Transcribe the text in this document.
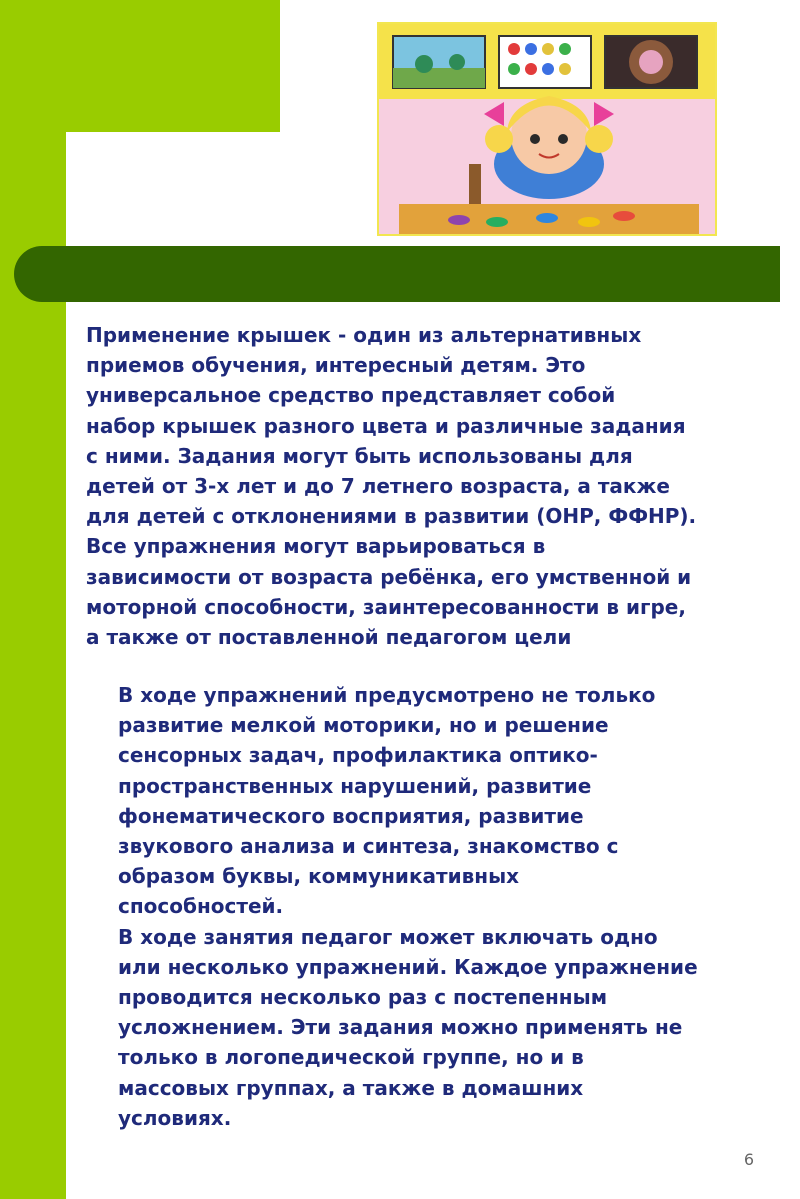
Применение крышек - один из альтернативных
приемов обучения, интересный детям. Это
универсальное средство представляет собой
набор крышек разного цвета и различные задания
с ними. Задания могут быть использованы для
детей от 3-х лет и до 7 летнего возраста, а также
для детей с отклонениями в развитии (ОНР, ФФНР).
Все упражнения могут варьироваться в
зависимости от возраста ребёнка, его умственной и
моторной способности, заинтересованности в игре,
а также от поставленной педагогом цели

В ходе упражнений предусмотрено не только
развитие мелкой моторики, но и решение
сенсорных задач, профилактика оптико-
пространственных нарушений, развитие
фонематического восприятия, развитие
звукового анализа и синтеза, знакомство с
образом буквы, коммуникативных
способностей.
В ходе занятия педагог может включать одно
или несколько упражнений. Каждое упражнение
проводится несколько раз с постепенным
усложнением. Эти задания можно применять не
только в логопедической группе, но и в
массовых группах, а также в домашних
условиях.

6
